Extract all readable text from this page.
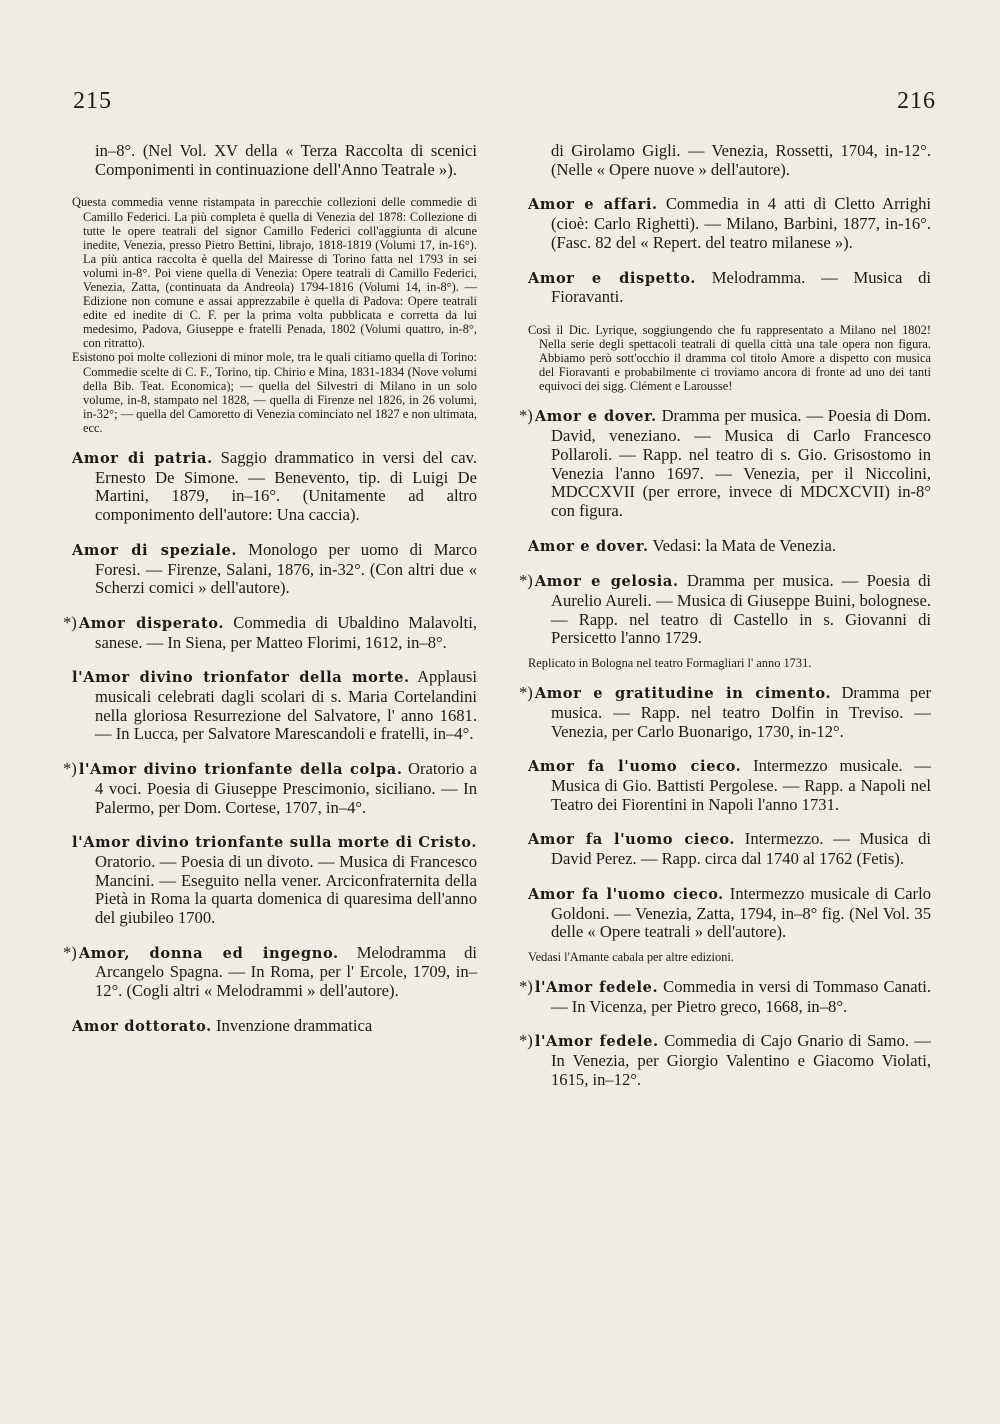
215	216

in–8°. (Nel Vol. XV della « Terza Raccolta di scenici Componimenti in continuazione dell'Anno Teatrale »).

Questa commedia venne ristampata in parecchie collezioni delle commedie di Camillo Federici. La più completa è quella di Venezia del 1878: Collezione di tutte le opere teatrali del signor Camillo Federici coll'aggiunta di alcune inedite, Venezia, presso Pietro Bettini, librajo, 1818-1819 (Volumi 17, in-16°). La più antica raccolta è quella del Mairesse di Torino fatta nel 1793 in sei volumi in-8°. Poi viene quella di Venezia: Opere teatrali di Camillo Federici, Venezia, Zatta, (continuata da Andreola) 1794-1816 (Volumi 14, in-8°). — Edizione non comune e assai apprezzabile è quella di Padova: Opere teatrali edite ed inedite di C. F. per la prima volta pubblicata e corretta da lui medesimo, Padova, Giuseppe e fratelli Penada, 1802 (Volumi quattro, in-8°, con ritratto).
Esistono poi molte collezioni di minor mole, tra le quali citiamo quella di Torino: Commedie scelte di C. F., Torino, tip. Chirio e Mina, 1831-1834 (Nove volumi della Bib. Teat. Economica); — quella del Silvestri di Milano in un solo volume, in-8, stampato nel 1828, — quella di Firenze nel 1826, in 26 volumi, in-32°; — quella del Camoretto di Venezia cominciato nel 1827 e non ultimata, ecc.

Amor di patria. Saggio drammatico in versi del cav. Ernesto De Simone. — Benevento, tip. di Luigi De Martini, 1879, in–16°. (Unitamente ad altro componimento dell'autore: Una caccia).

Amor di speziale. Monologo per uomo di Marco Foresi. — Firenze, Salani, 1876, in-32°. (Con altri due « Scherzi comici » dell'autore).

*) Amor disperato. Commedia di Ubaldino Malavolti, sanese. — In Siena, per Matteo Florimi, 1612, in–8°.

l'Amor divino trionfator della morte. Applausi musicali celebrati dagli scolari di s. Maria Cortelandini nella gloriosa Resurrezione del Salvatore, l' anno 1681. — In Lucca, per Salvatore Marescandoli e fratelli, in–4°.

*) l'Amor divino trionfante della colpa. Oratorio a 4 voci. Poesia di Giuseppe Prescimonio, siciliano. — In Palermo, per Dom. Cortese, 1707, in–4°.

l'Amor divino trionfante sulla morte di Cristo. Oratorio. — Poesia di un divoto. — Musica di Francesco Mancini. — Eseguito nella vener. Arciconfraternita della Pietà in Roma la quarta domenica di quaresima dell'anno del giubileo 1700.

*) Amor, donna ed ingegno. Melodramma di Arcangelo Spagna. — In Roma, per l' Ercole, 1709, in–12°. (Cogli altri « Melodrammi » dell'autore).

Amor dottorato. Invenzione drammatica

di Girolamo Gigli. — Venezia, Rossetti, 1704, in-12°. (Nelle « Opere nuove » dell'autore).

Amor e affari. Commedia in 4 atti di Cletto Arrighi (cioè: Carlo Righetti). — Milano, Barbini, 1877, in-16°. (Fasc. 82 del « Repert. del teatro milanese »).

Amor e dispetto. Melodramma. — Musica di Fioravanti.

Così il Dic. Lyrique, soggiungendo che fu rappresentato a Milano nel 1802! Nella serie degli spettacoli teatrali di quella città una tale opera non figura. Abbiamo però sott'occhio il dramma col titolo Amore a dispetto con musica del Fioravanti e probabilmente ci troviamo ancora di fronte ad uno dei tanti equivoci dei sigg. Clément e Larousse!

*) Amor e dover. Dramma per musica. — Poesia di Dom. David, veneziano. — Musica di Carlo Francesco Pollaroli. — Rapp. nel teatro di s. Gio. Grisostomo in Venezia l'anno 1697. — Venezia, per il Niccolini, MDCCXVII (per errore, invece di MDCXCVII) in-8° con figura.

Amor e dover. Vedasi: la Mata de Venezia.

*) Amor e gelosia. Dramma per musica. — Poesia di Aurelio Aureli. — Musica di Giuseppe Buini, bolognese. — Rapp. nel teatro di Castello in s. Giovanni di Persicetto l'anno 1729.

Replicato in Bologna nel teatro Formagliari l' anno 1731.

*) Amor e gratitudine in cimento. Dramma per musica. — Rapp. nel teatro Dolfin in Treviso. — Venezia, per Carlo Buonarigo, 1730, in-12°.

Amor fa l'uomo cieco. Intermezzo musicale. — Musica di Gio. Battisti Pergolese. — Rapp. a Napoli nel Teatro dei Fiorentini in Napoli l'anno 1731.

Amor fa l'uomo cieco. Intermezzo. — Musica di David Perez. — Rapp. circa dal 1740 al 1762 (Fetis).

Amor fa l'uomo cieco. Intermezzo musicale di Carlo Goldoni. — Venezia, Zatta, 1794, in–8° fig. (Nel Vol. 35 delle « Opere teatrali » dell'autore).

Vedasi l'Amante cabala per altre edizioni.

*) l'Amor fedele. Commedia in versi di Tommaso Canati. — In Vicenza, per Pietro greco, 1668, in–8°.

*) l'Amor fedele. Commedia di Cajo Gnario di Samo. — In Venezia, per Giorgio Valentino e Giacomo Violati, 1615, in–12°.
